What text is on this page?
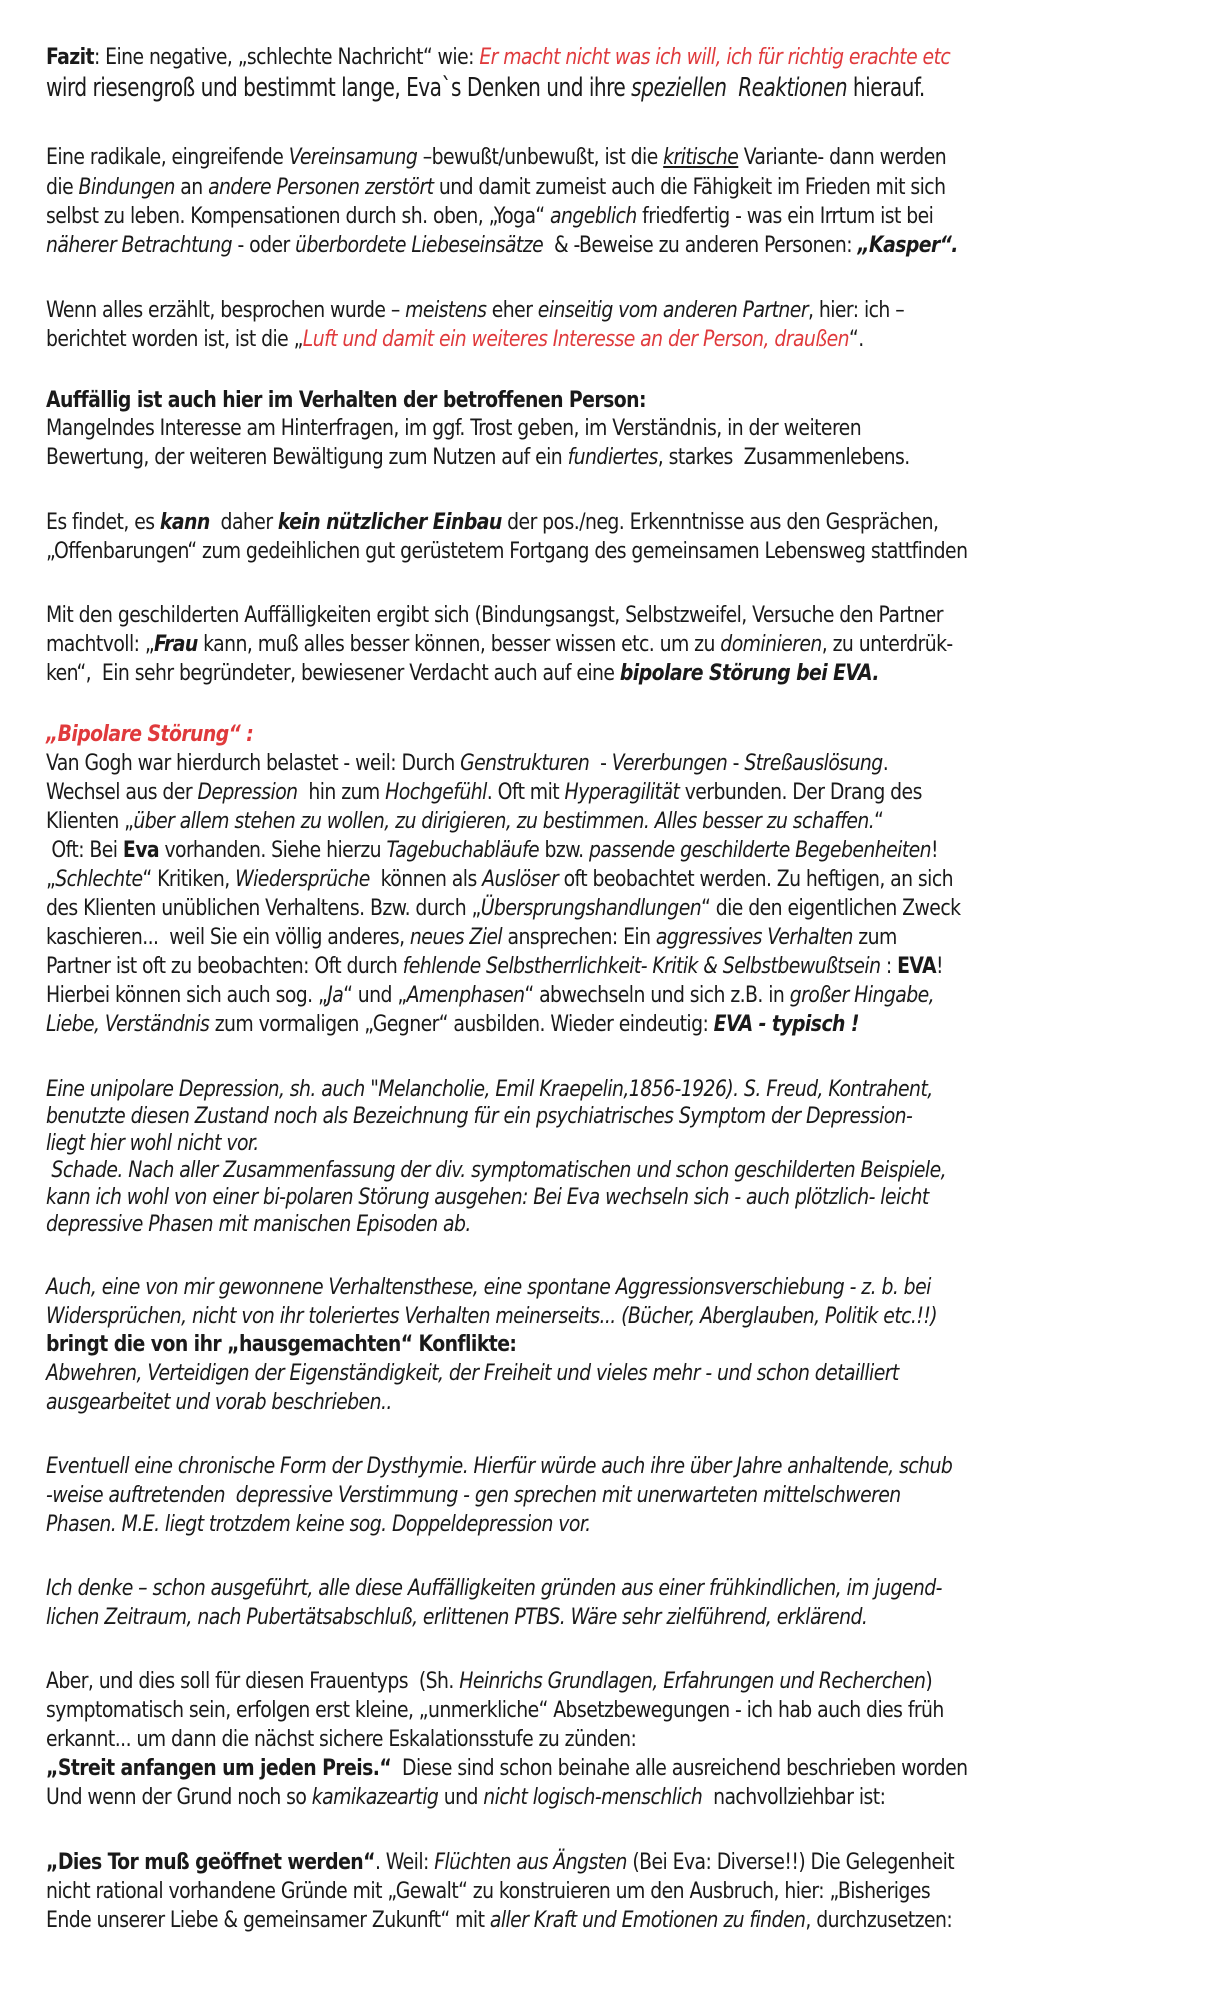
Fazit: Eine negative, „schlechte Nachricht“ wie: Er macht nicht was ich will, ich für richtig erachte etc
wird riesengroß und bestimmt lange, Eva`s Denken und ihre speziellen  Reaktionen hierauf.
Eine radikale, eingreifende Vereinsamung –bewußt/unbewußt, ist die kritische Variante- dann werden
die Bindungen an andere Personen zerstört und damit zumeist auch die Fähigkeit im Frieden mit sich
selbst zu leben. Kompensationen durch sh. oben, „Yoga“ angeblich friedfertig - was ein Irrtum ist bei
näherer Betrachtung - oder überbordete Liebeseinsätze  & -Beweise zu anderen Personen: „Kasper“.
Wenn alles erzählt, besprochen wurde – meistens eher einseitig vom anderen Partner, hier: ich –
berichtet worden ist, ist die „Luft und damit ein weiteres Interesse an der Person, draußen“.
Auffällig ist auch hier im Verhalten der betroffenen Person:
Mangelndes Interesse am Hinterfragen, im ggf. Trost geben, im Verständnis, in der weiteren
Bewertung, der weiteren Bewältigung zum Nutzen auf ein fundiertes, starkes  Zusammenlebens.
Es findet, es kann  daher kein nützlicher Einbau der pos./neg. Erkenntnisse aus den Gesprächen,
„Offenbarungen“ zum gedeihlichen gut gerüstetem Fortgang des gemeinsamen Lebensweg stattfinden
Mit den geschilderten Auffälligkeiten ergibt sich (Bindungsangst, Selbstzweifel, Versuche den Partner
machtvoll: „Frau kann, muß alles besser können, besser wissen etc. um zu dominieren, zu unterdrük-
ken“,  Ein sehr begründeter, bewiesener Verdacht auch auf eine bipolare Störung bei EVA.
„Bipolare Störung“ :
Van Gogh war hierdurch belastet - weil: Durch Genstrukturen  - Vererbungen - Streßauslösung.
Wechsel aus der Depression  hin zum Hochgefühl. Oft mit Hyperagilität verbunden. Der Drang des
Klienten „über allem stehen zu wollen, zu dirigieren, zu bestimmen. Alles besser zu schaffen.“
Oft: Bei Eva vorhanden. Siehe hierzu Tagebuchabläufe bzw. passende geschilderte Begebenheiten!
„Schlechte“ Kritiken, Wiedersprüche  können als Auslöser oft beobachtet werden. Zu heftigen, an sich
des Klienten unüblichen Verhaltens. Bzw. durch „Übersprungshandlungen“ die den eigentlichen Zweck
kaschieren...  weil Sie ein völlig anderes, neues Ziel ansprechen: Ein aggressives Verhalten zum
Partner ist oft zu beobachten: Oft durch fehlende Selbstherrlichkeit- Kritik & Selbstbewußtsein : EVA!
Hierbei können sich auch sog. „Ja“ und „Amenphasen“ abwechseln und sich z.B. in großer Hingabe,
Liebe, Verständnis zum vormaligen „Gegner“ ausbilden. Wieder eindeutig: EVA - typisch !
Eine unipolare Depression, sh. auch "Melancholie, Emil Kraepelin,1856-1926). S. Freud, Kontrahent,
benutzte diesen Zustand noch als Bezeichnung für ein psychiatrisches Symptom der Depression-
liegt hier wohl nicht vor.
Schade. Nach aller Zusammenfassung der div. symptomatischen und schon geschilderten Beispiele,
kann ich wohl von einer bi-polaren Störung ausgehen: Bei Eva wechseln sich - auch plötzlich- leicht
depressive Phasen mit manischen Episoden ab.
Auch, eine von mir gewonnene Verhaltensthese, eine spontane Aggressionsverschiebung - z. b. bei
Widersprüchen, nicht von ihr toleriertes Verhalten meinerseits... (Bücher, Aberglauben, Politik etc.!!)
bringt die von ihr „hausgemachten“ Konflikte:
Abwehren, Verteidigen der Eigenständigkeit, der Freiheit und vieles mehr - und schon detailliert
ausgearbeitet und vorab beschrieben..
Eventuell eine chronische Form der Dysthymie. Hierfür würde auch ihre über Jahre anhaltende, schub
-weise auftretenden  depressive Verstimmung - gen sprechen mit unerwarteten mittelschweren
Phasen. M.E. liegt trotzdem keine sog. Doppeldepression vor.
Ich denke – schon ausgeführt, alle diese Auffälligkeiten gründen aus einer frühkindlichen, im jugend-
lichen Zeitraum, nach Pubertätsabschluß, erlittenen PTBS. Wäre sehr zielführend, erklärend.
Aber, und dies soll für diesen Frauentyps  (Sh. Heinrichs Grundlagen, Erfahrungen und Recherchen)
symptomatisch sein, erfolgen erst kleine, „unmerkliche“ Absetzbewegungen - ich hab auch dies früh
erkannt... um dann die nächst sichere Eskalationsstufe zu zünden:
„Streit anfangen um jeden Preis.“  Diese sind schon beinahe alle ausreichend beschrieben worden
Und wenn der Grund noch so kamikazeartig und nicht logisch-menschlich  nachvollziehbar ist:
„Dies Tor muß geöffnet werden“. Weil: Flüchten aus Ängsten (Bei Eva: Diverse!!) Die Gelegenheit
nicht rational vorhandene Gründe mit „Gewalt“ zu konstruieren um den Ausbruch, hier: „Bisheriges
Ende unserer Liebe & gemeinsamer Zukunft“ mit aller Kraft und Emotionen zu finden, durchzusetzen:
